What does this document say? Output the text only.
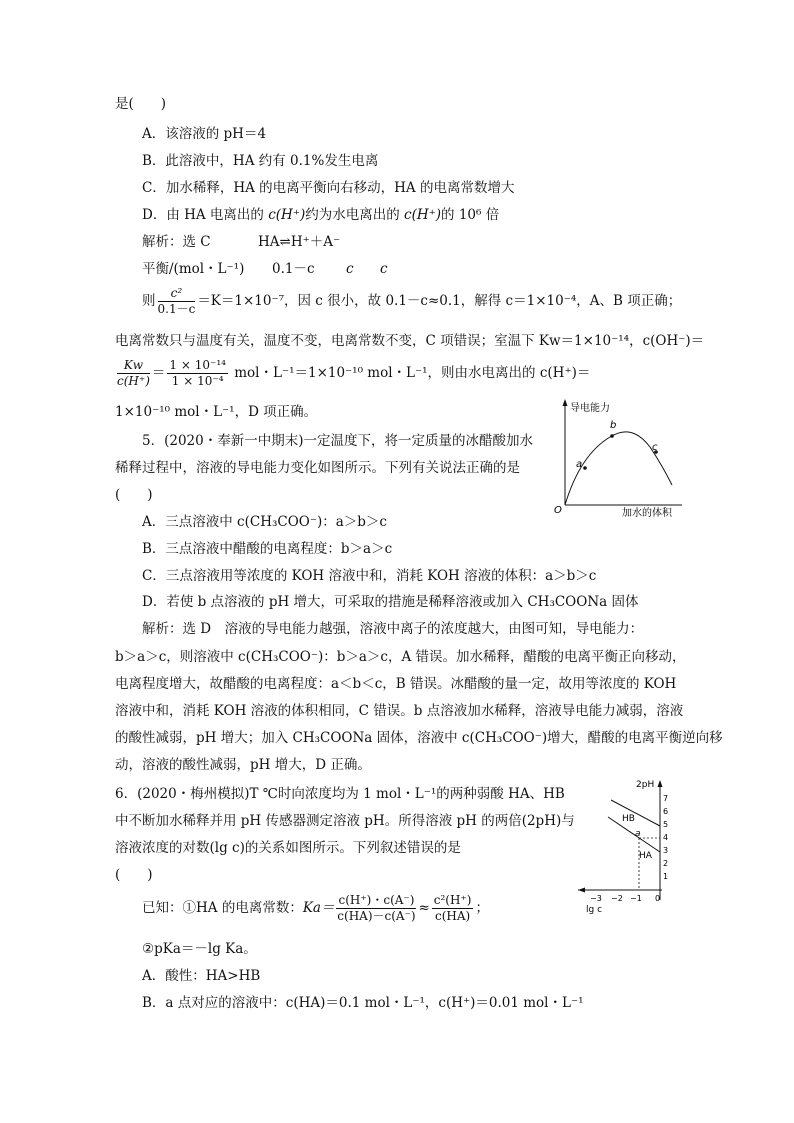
是(　　)
A．该溶液的 pH＝4
B．此溶液中，HA 约有 0.1%发生电离
C．加水稀释，HA 的电离平衡向右移动，HA 的电离常数增大
D．由 HA 电离出的 c(H⁺)约为水电离出的 c(H⁺)的 10⁶ 倍
解析：选 C	HA⇌H⁺＋A⁻
平衡/(mol・L⁻¹) 0.1－c c c
则 $\frac{\text{c²}}{0.1-c} =K=1\times 10^{-7}$，因 c 很小，故 0.1－c≈0.1，解得 c＝1×10⁻⁴，A、B 项正确；
电离常数只与温度有关，温度不变，电离常数不变，C 项错误；室温下 Kw＝1×10⁻¹⁴，c(OH⁻)＝
$\frac{Kw}{c(H^+)} = \frac{\text{1 × 10⁻¹⁴}}{\text{1 × 10⁻⁴}}$ mol・L⁻¹＝1×10⁻¹⁰ mol・L⁻¹，则由水电离出的 c(H⁺)＝
1×10⁻¹⁰ mol・L⁻¹，D 项正确。
5．(2020・奉新一中期末)一定温度下，将一定质量的冰醋酸加水
稀释过程中，溶液的导电能力变化如图所示。下列有关说法正确的是
(　　)
导电能力
O	加水的体积
a
b
c
A．三点溶液中 c(CH₃COO⁻)：a＞b＞c
B．三点溶液中醋酸的电离程度：b＞a＞c
C．三点溶液用等浓度的 KOH 溶液中和，消耗 KOH 溶液的体积：a＞b＞c
D．若使 b 点溶液的 pH 增大，可采取的措施是稀释溶液或加入 CH₃COONa 固体
解析：选 D　溶液的导电能力越强，溶液中离子的浓度越大，由图可知，导电能力：
b＞a＞c，则溶液中 c(CH₃COO⁻)：b＞a＞c，A 错误。加水稀释，醋酸的电离平衡正向移动，
电离程度增大，故醋酸的电离程度：a＜b＜c，B 错误。冰醋酸的量一定，故用等浓度的 KOH
溶液中和，消耗 KOH 溶液的体积相同，C 错误。b 点溶液加水稀释，溶液导电能力减弱，溶液
的酸性减弱，pH 增大；加入 CH₃COONa 固体，溶液中 c(CH₃COO⁻)增大，醋酸的电离平衡逆向移
动，溶液的酸性减弱，pH 增大，D 正确。
6．(2020・梅州模拟)T ℃时向浓度均为 1 mol・L⁻¹的两种弱酸 HA、HB
中不断加水稀释并用 pH 传感器测定溶液 pH。所得溶液 pH 的两倍(2pH)与
溶液浓度的对数(lg c)的关系如图所示。下列叙述错误的是
(　　)
2pH
1
2
3
4
5
6
7
−3 −2 −1 0
lg c
HB
HA
a
已知：①HA 的电离常数：$Ka= \frac{c(H^+)・c(A^-)}{c(HA)-c(A^-)} \approx \frac{\text{c²(H⁺)}}{c(HA)}$ ；
②pKa＝－lg Ka。
A．酸性：HA>HB
B．a 点对应的溶液中：c(HA)＝0.1 mol・L⁻¹，c(H⁺)＝0.01 mol・L⁻¹
